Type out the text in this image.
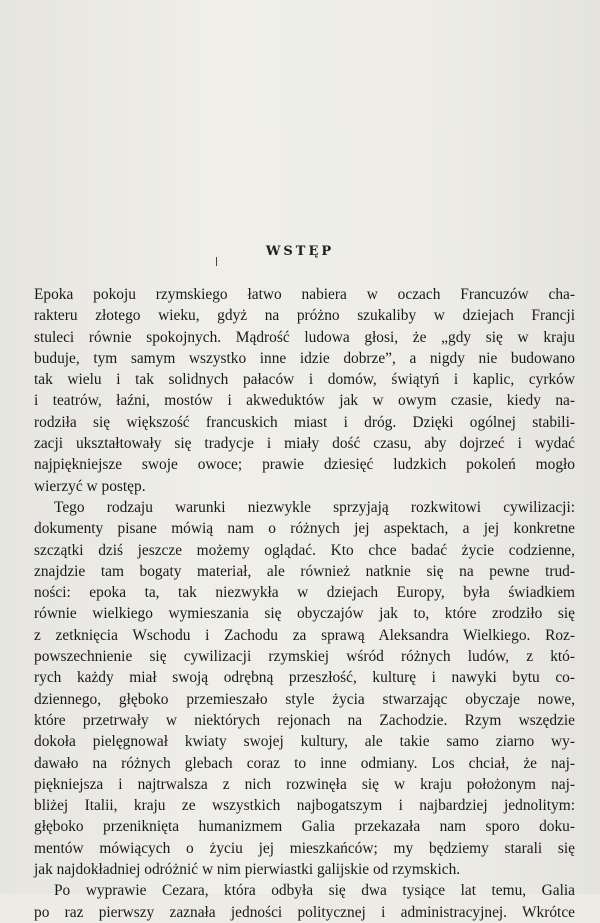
WSTĘP
Epoka pokoju rzymskiego łatwo nabiera w oczach Francuzów cha-
rakteru złotego wieku, gdyż na próżno szukaliby w dziejach Francji
stuleci równie spokojnych. Mądrość ludowa głosi, że „gdy się w kraju
buduje, tym samym wszystko inne idzie dobrze”, a nigdy nie budowano
tak wielu i tak solidnych pałaców i domów, świątyń i kaplic, cyrków
i teatrów, łaźni, mostów i akweduktów jak w owym czasie, kiedy na-
rodziła się większość francuskich miast i dróg. Dzięki ogólnej stabili-
zacji ukształtowały się tradycje i miały dość czasu, aby dojrzeć i wydać
najpiękniejsze swoje owoce; prawie dziesięć ludzkich pokoleń mogło
wierzyć w postęp.
Tego rodzaju warunki niezwykle sprzyjają rozkwitowi cywilizacji:
dokumenty pisane mówią nam o różnych jej aspektach, a jej konkretne
szczątki dziś jeszcze możemy oglądać. Kto chce badać życie codzienne,
znajdzie tam bogaty materiał, ale również natknie się na pewne trud-
ności: epoka ta, tak niezwykła w dziejach Europy, była świadkiem
równie wielkiego wymieszania się obyczajów jak to, które zrodziło się
z zetknięcia Wschodu i Zachodu za sprawą Aleksandra Wielkiego. Roz-
powszechnienie się cywilizacji rzymskiej wśród różnych ludów, z któ-
rych każdy miał swoją odrębną przeszłość, kulturę i nawyki bytu co-
dziennego, głęboko przemieszało style życia stwarzając obyczaje nowe,
które przetrwały w niektórych rejonach na Zachodzie. Rzym wszędzie
dokoła pielęgnował kwiaty swojej kultury, ale takie samo ziarno wy-
dawało na różnych glebach coraz to inne odmiany. Los chciał, że naj-
piękniejsza i najtrwalsza z nich rozwinęła się w kraju położonym naj-
bliżej Italii, kraju ze wszystkich najbogatszym i najbardziej jednolitym:
głęboko przeniknięta humanizmem Galia przekazała nam sporo doku-
mentów mówiących o życiu jej mieszkańców; my będziemy starali się
jak najdokładniej odróżnić w nim pierwiastki galijskie od rzymskich.
Po wyprawie Cezara, która odbyła się dwa tysiące lat temu, Galia
po raz pierwszy zaznała jedności politycznej i administracyjnej. Wkrótce
